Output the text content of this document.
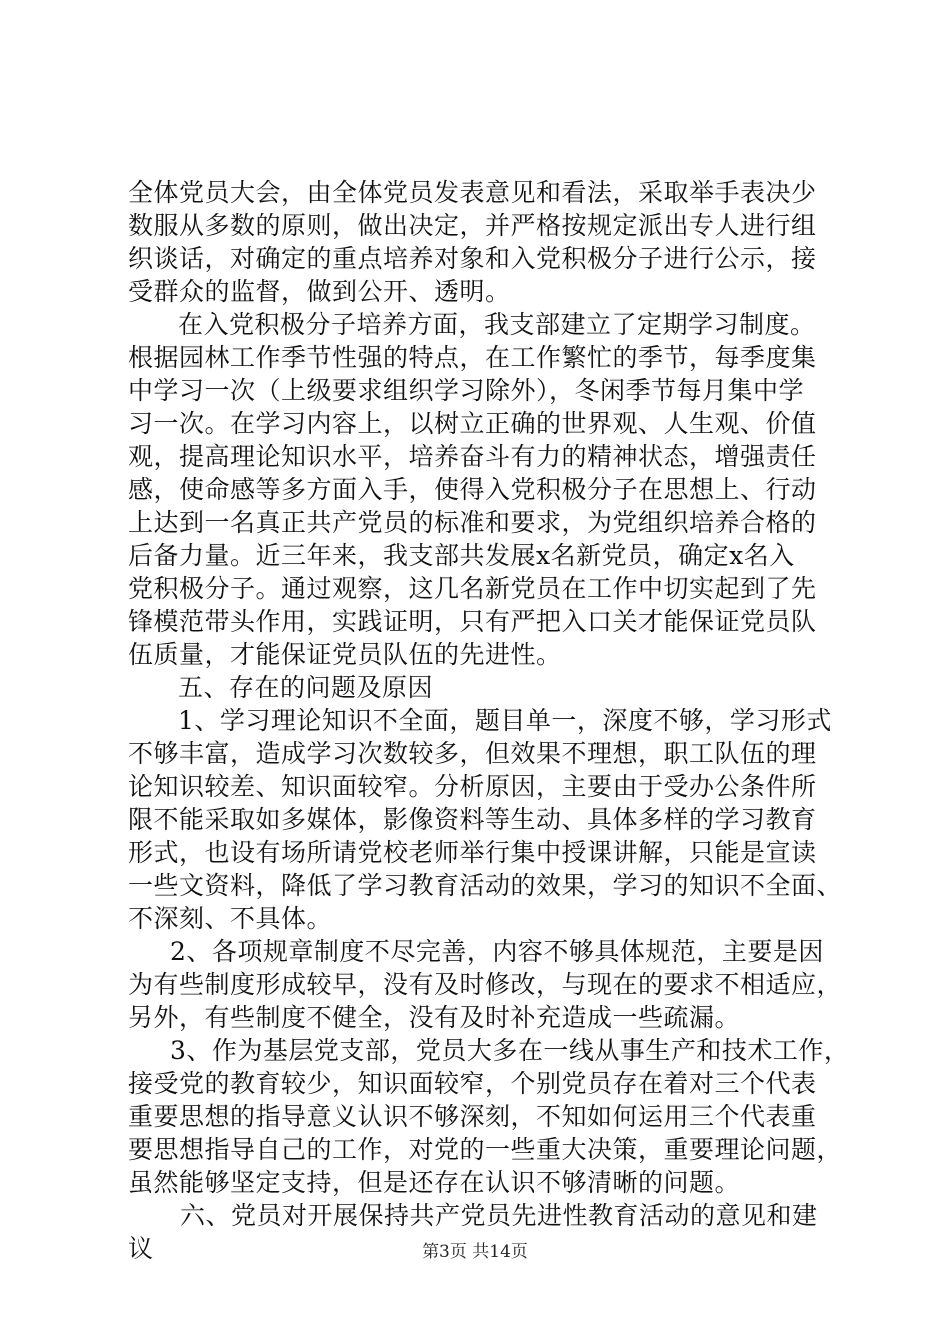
全体党员大会，由全体党员发表意见和看法，采取举手表决少
数服从多数的原则，做出决定，并严格按规定派出专人进行组
织谈话，对确定的重点培养对象和入党积极分子进行公示，接
受群众的监督，做到公开、透明。
在入党积极分子培养方面，我支部建立了定期学习制度。
根据园林工作季节性强的特点，在工作繁忙的季节，每季度集
中学习一次（上级要求组织学习除外），冬闲季节每月集中学
习一次。在学习内容上，以树立正确的世界观、人生观、价值
观，提高理论知识水平，培养奋斗有力的精神状态，增强责任
感，使命感等多方面入手，使得入党积极分子在思想上、行动
上达到一名真正共产党员的标准和要求，为党组织培养合格的
后备力量。近三年来，我支部共发展x名新党员，确定x名入
党积极分子。通过观察，这几名新党员在工作中切实起到了先
锋模范带头作用，实践证明，只有严把入口关才能保证党员队
伍质量，才能保证党员队伍的先进性。
五、存在的问题及原因
1、学习理论知识不全面，题目单一，深度不够，学习形式
不够丰富，造成学习次数较多，但效果不理想，职工队伍的理
论知识较差、知识面较窄。分析原因，主要由于受办公条件所
限不能采取如多媒体，影像资料等生动、具体多样的学习教育
形式，也设有场所请党校老师举行集中授课讲解，只能是宣读
一些文资料，降低了学习教育活动的效果，学习的知识不全面、
不深刻、不具体。
2、各项规章制度不尽完善，内容不够具体规范，主要是因
为有些制度形成较早，没有及时修改，与现在的要求不相适应，
另外，有些制度不健全，没有及时补充造成一些疏漏。
3、作为基层党支部，党员大多在一线从事生产和技术工作，
接受党的教育较少，知识面较窄，个别党员存在着对三个代表
重要思想的指导意义认识不够深刻，不知如何运用三个代表重
要思想指导自己的工作，对党的一些重大决策，重要理论问题，
虽然能够坚定支持，但是还存在认识不够清晰的问题。
六、党员对开展保持共产党员先进性教育活动的意见和建
议	第3页 共14页
